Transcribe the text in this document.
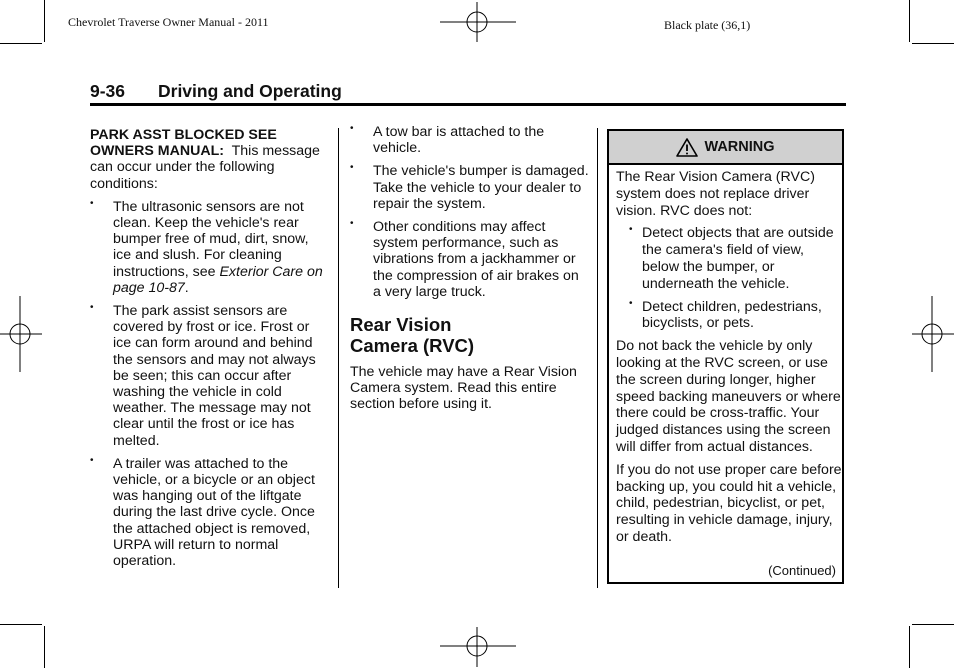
Chevrolet Traverse Owner Manual - 2011	Black plate (36,1)
9-36 Driving and Operating

PARK ASST BLOCKED SEE OWNERS MANUAL:  This message can occur under the following conditions:

• The ultrasonic sensors are not clean. Keep the vehicle's rear bumper free of mud, dirt, snow, ice and slush. For cleaning instructions, see Exterior Care on page 10-87.

• The park assist sensors are covered by frost or ice. Frost or ice can form around and behind the sensors and may not always be seen; this can occur after washing the vehicle in cold weather. The message may not clear until the frost or ice has melted.

• A trailer was attached to the vehicle, or a bicycle or an object was hanging out of the liftgate during the last drive cycle. Once the attached object is removed, URPA will return to normal operation.

• A tow bar is attached to the vehicle.

• The vehicle's bumper is damaged. Take the vehicle to your dealer to repair the system.

• Other conditions may affect system performance, such as vibrations from a jackhammer or the compression of air brakes on a very large truck.

Rear Vision
Camera (RVC)

The vehicle may have a Rear Vision Camera system. Read this entire section before using it.

WARNING

The Rear Vision Camera (RVC) system does not replace driver vision. RVC does not:

• Detect objects that are outside the camera's field of view, below the bumper, or underneath the vehicle.

• Detect children, pedestrians, bicyclists, or pets.

Do not back the vehicle by only looking at the RVC screen, or use the screen during longer, higher speed backing maneuvers or where there could be cross-traffic. Your judged distances using the screen will differ from actual distances.

If you do not use proper care before backing up, you could hit a vehicle, child, pedestrian, bicyclist, or pet, resulting in vehicle damage, injury, or death.

(Continued)
